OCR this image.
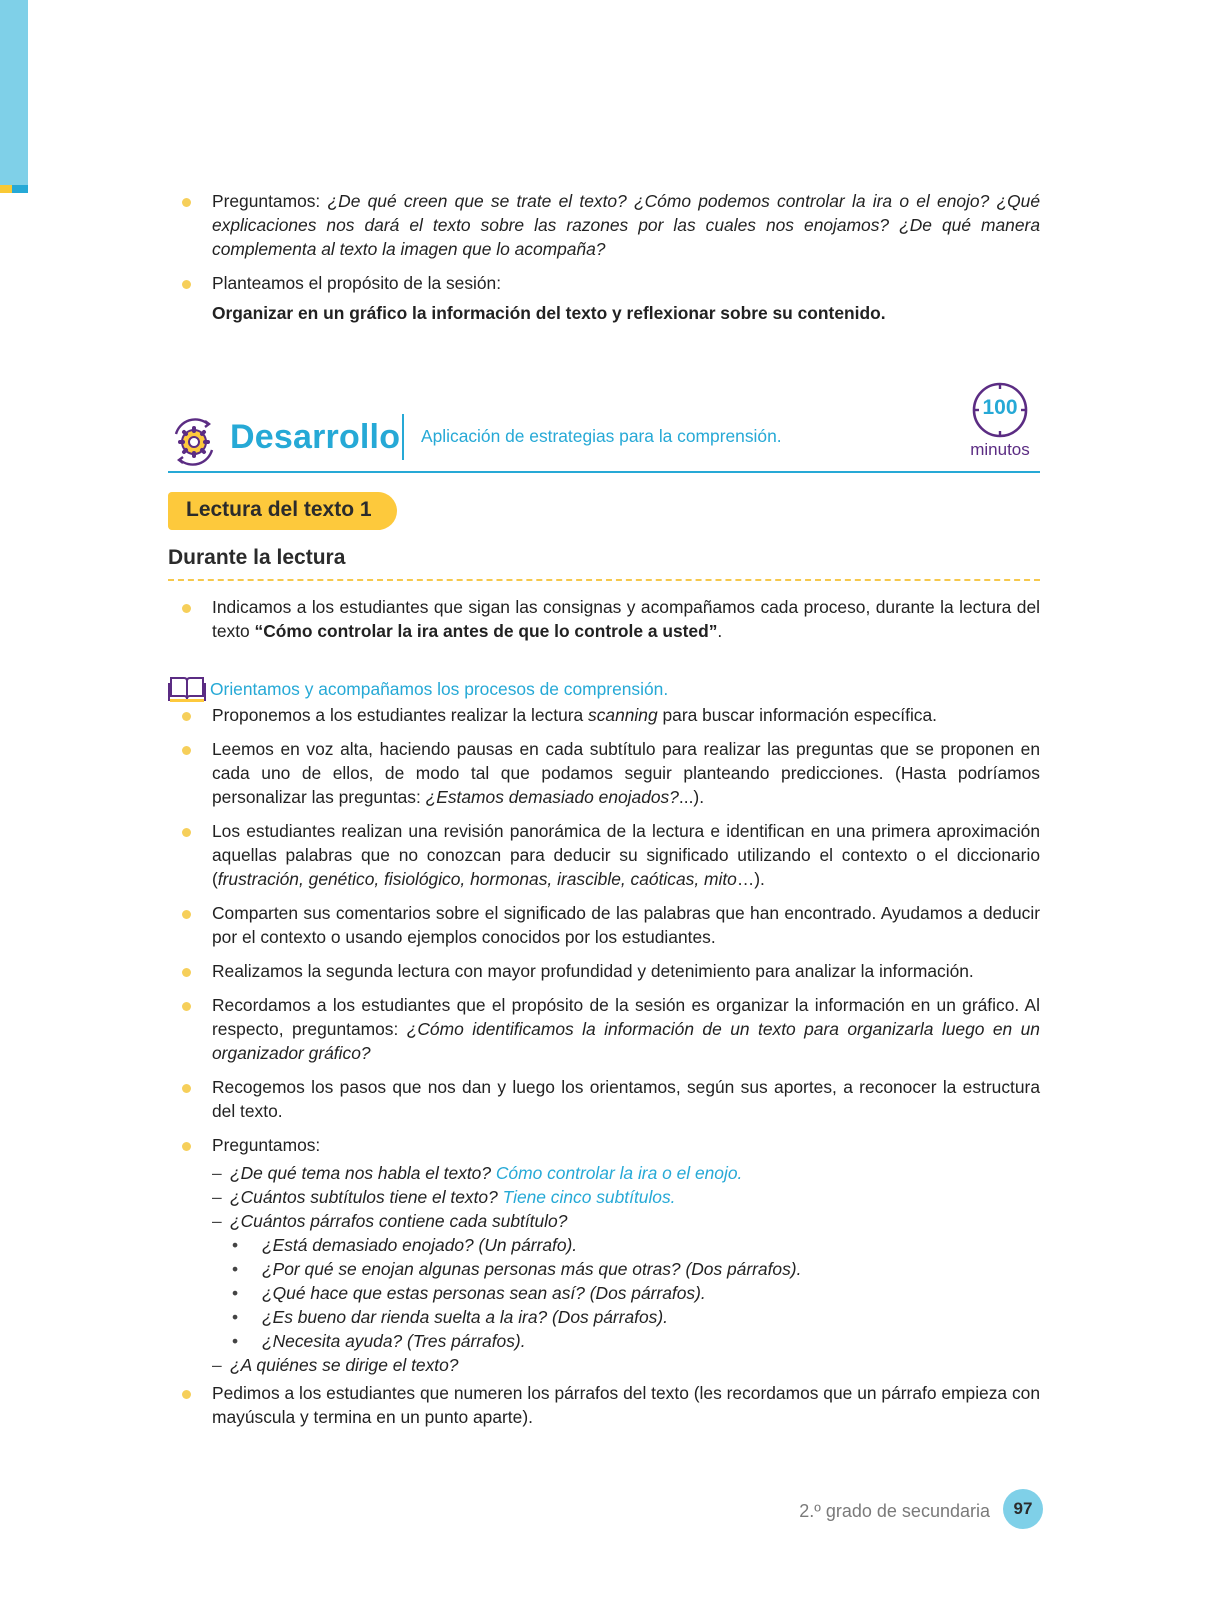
Preguntamos: ¿De qué creen que se trate el texto? ¿Cómo podemos controlar la ira o el enojo? ¿Qué explicaciones nos dará el texto sobre las razones por las cuales nos enojamos? ¿De qué manera complementa al texto la imagen que lo acompaña?
Planteamos el propósito de la sesión:
Organizar en un gráfico la información del texto y reflexionar sobre su contenido.
Desarrollo Aplicación de estrategias para la comprensión.
100
minutos
Lectura del texto 1
Durante la lectura
Indicamos a los estudiantes que sigan las consignas y acompañamos cada proceso, durante la lectura del texto “Cómo controlar la ira antes de que lo controle a usted”.
Orientamos y acompañamos los procesos de comprensión.
Proponemos a los estudiantes realizar la lectura scanning para buscar información específica.
Leemos en voz alta, haciendo pausas en cada subtítulo para realizar las preguntas que se proponen en cada uno de ellos, de modo tal que podamos seguir planteando predicciones. (Hasta podríamos personalizar las preguntas: ¿Estamos demasiado enojados?...).
Los estudiantes realizan una revisión panorámica de la lectura e identifican en una primera aproximación aquellas palabras que no conozcan para deducir su significado utilizando el contexto o el diccionario (frustración, genético, fisiológico, hormonas, irascible, caóticas, mito…).
Comparten sus comentarios sobre el significado de las palabras que han encontrado. Ayudamos a deducir por el contexto o usando ejemplos conocidos por los estudiantes.
Realizamos la segunda lectura con mayor profundidad y detenimiento para analizar la información.
Recordamos a los estudiantes que el propósito de la sesión es organizar la información en un gráfico. Al respecto, preguntamos: ¿Cómo identificamos la información de un texto para organizarla luego en un organizador gráfico?
Recogemos los pasos que nos dan y luego los orientamos, según sus aportes, a reconocer la estructura del texto.
Preguntamos:
– ¿De qué tema nos habla el texto? Cómo controlar la ira o el enojo.
– ¿Cuántos subtítulos tiene el texto? Tiene cinco subtítulos.
– ¿Cuántos párrafos contiene cada subtítulo?
• ¿Está demasiado enojado? (Un párrafo).
• ¿Por qué se enojan algunas personas más que otras? (Dos párrafos).
• ¿Qué hace que estas personas sean así? (Dos párrafos).
• ¿Es bueno dar rienda suelta a la ira? (Dos párrafos).
• ¿Necesita ayuda? (Tres párrafos).
– ¿A quiénes se dirige el texto?
Pedimos a los estudiantes que numeren los párrafos del texto (les recordamos que un párrafo empieza con mayúscula y termina en un punto aparte).
2.º grado de secundaria	97
